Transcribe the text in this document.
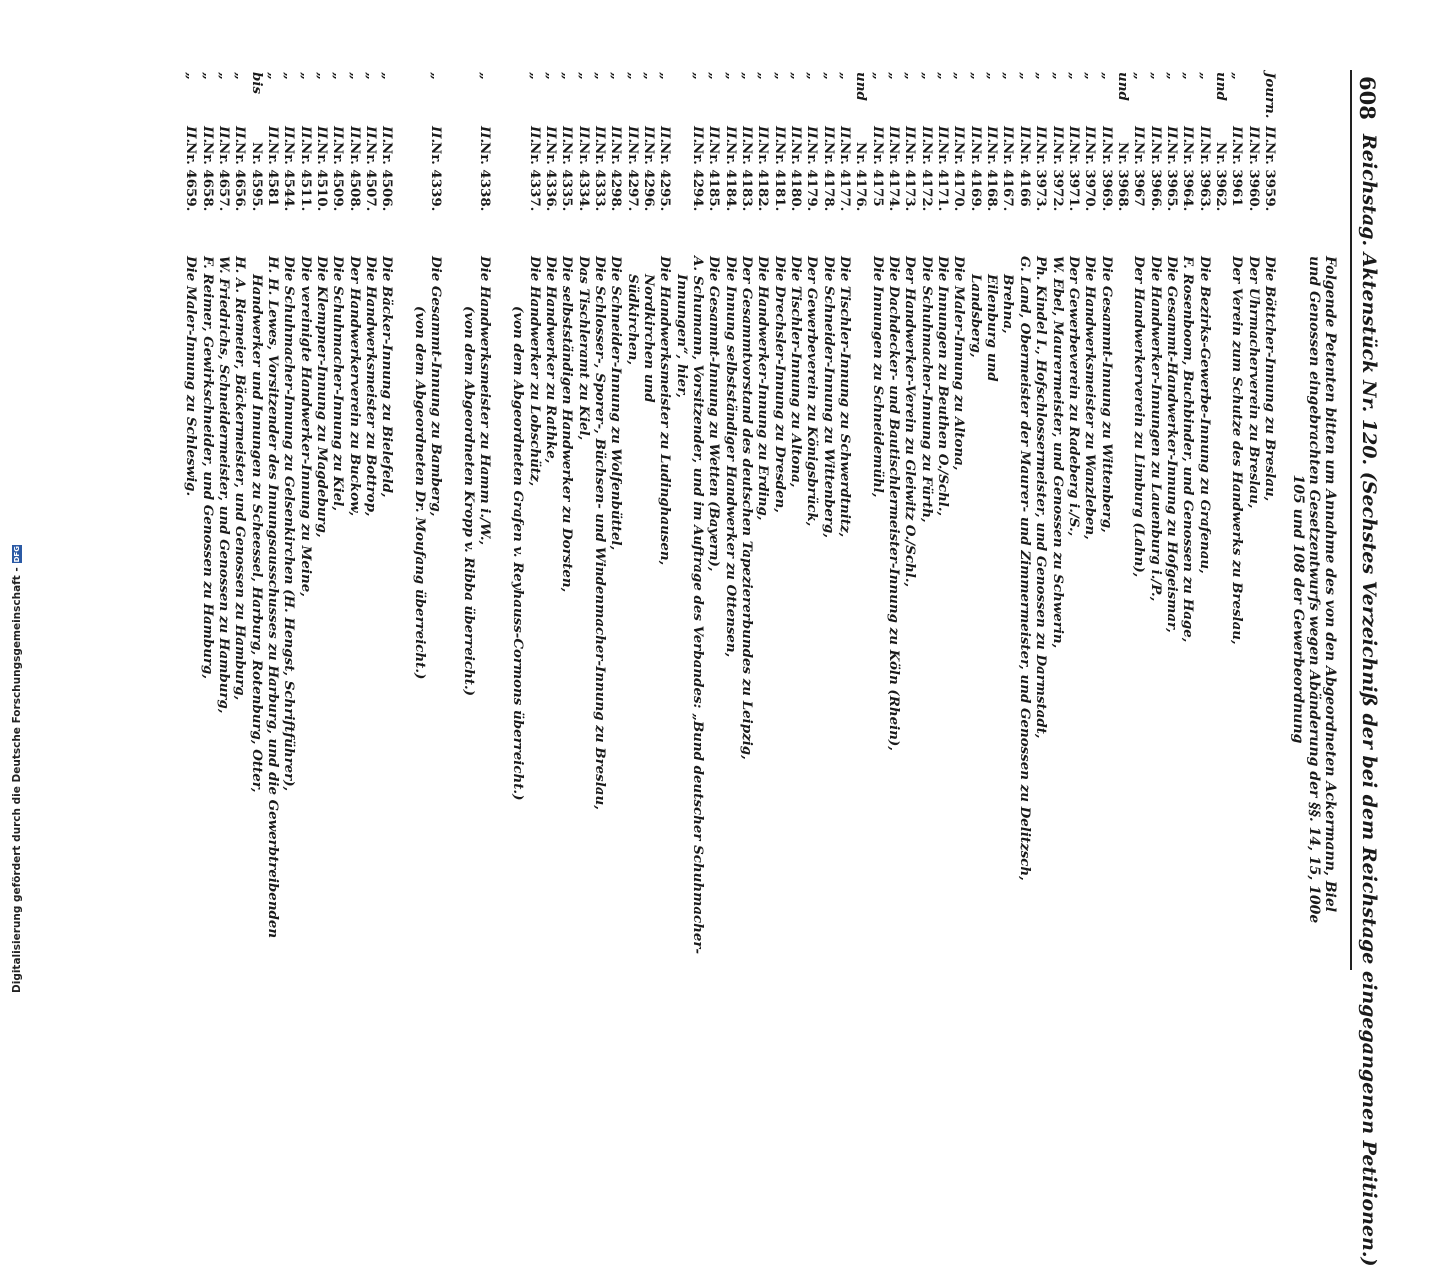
608
Reichstag. Aktenstück Nr. 120. (Sechstes Verzeichniß der bei dem Reichstage eingegangenen Petitionen.)
Folgende Petenten bitten um Annahme des von den Abgeordneten Ackermann, Biel
und Genossen eingebrachten Gesetzentwurfs wegen Abänderung der §§. 14, 15, 100e
105 und 108 der Gewerbeordnung
Journ.
II.
Nr. 3959.
Die Böttcher-Innung zu Breslau,
II.
Nr. 3960.
Der Uhrmacherverein zu Breslau,
„
II.
Nr. 3961
Der Verein zum Schutze des Handwerks zu Breslau,
und
Nr. 3962.
„
II.
Nr. 3963.
Die Bezirks-Gewerbe-Innung zu Grafenau,
„
II.
Nr. 3964.
F. Rosenboom, Buchbinder, und Genossen zu Hage,
„
II.
Nr. 3965.
Die Gesammt-Handwerker-Innung zu Hofgeismar,
„
II.
Nr. 3966.
Die Handwerker-Innungen zu Lauenburg i./P.,
„
II.
Nr. 3967
Der Handwerkerverein zu Limburg (Lahn),
und
Nr. 3968.
„
II.
Nr. 3969.
Die Gesammt-Innung zu Wittenberg,
„
II.
Nr. 3970.
Die Handwerksmeister zu Wanzleben,
„
II.
Nr. 3971.
Der Gewerbeverein zu Radeberg i./S.,
„
II.
Nr. 3972.
W. Ebel, Maurermeister, und Genossen zu Schwerin,
„
II.
Nr. 3973.
Ph. Kindel I., Hofschlossermeister, und Genossen zu Darmstadt,
„
II.
Nr. 4166
G. Land, Obermeister der Maurer- und Zimmermeister, und Genossen zu Delitzsch,
„
II.
Nr. 4167.
Brehna,
„
II.
Nr. 4168.
Eilenburg und
„
II.
Nr. 4169.
Landsberg,
„
II.
Nr. 4170.
Die Maler-Innung zu Altona,
„
II.
Nr. 4171.
Die Innungen zu Beuthen O./Schl.,
„
II.
Nr. 4172.
Die Schuhmacher-Innung zu Fürth,
„
II.
Nr. 4173.
Der Handwerker-Verein zu Gleiwitz O./Schl.,
„
II.
Nr. 4174.
Die Dachdecker- und Bautischlermeister-Innung zu Köln (Rhein),
„
II.
Nr. 4175
Die Innungen zu Schneidemühl,
und
Nr. 4176.
„
II.
Nr. 4177.
Die Tischler-Innung zu Schwerdtnitz,
„
II.
Nr. 4178.
Die Schneider-Innung zu Wittenberg,
„
II.
Nr. 4179.
Der Gewerbeverein zu Königsbrück,
„
II.
Nr. 4180.
Die Tischler-Innung zu Altona,
„
II.
Nr. 4181.
Die Drechsler-Innung zu Dresden,
„
II.
Nr. 4182.
Die Handwerker-Innung zu Erding,
„
II.
Nr. 4183.
Der Gesammtvorstand des deutschen Tapeziererbundes zu Leipzig,
„
II.
Nr. 4184.
Die Innung selbstständiger Handwerker zu Ottensen,
„
II.
Nr. 4185.
Die Gesammt-Innung zu Wetten (Bayern),
„
II.
Nr. 4294.
A. Schumann, Vorsitzender, und im Auftrage des Verbandes: „Bund deutscher Schuhmacher-
Innungen“, hier,
„
II.
Nr. 4295.
Die Handwerksmeister zu Ludinghausen,
„
II.
Nr. 4296.
Nordkirchen und
„
II.
Nr. 4297.
Südkirchen,
„
II.
Nr. 4298.
Die Schneider-Innung zu Wolfenbüttel,
„
II.
Nr. 4333.
Die Schlosser-, Sporer-, Büchsen- und Windenmacher-Innung zu Breslau,
„
II.
Nr. 4334.
Das Tischleramt zu Kiel,
„
II.
Nr. 4335.
Die selbstständigen Handwerker zu Dorsten,
„
II.
Nr. 4336.
Die Handwerker zu Rathke,
„
II.
Nr. 4337.
Die Handwerker zu Lobschütz,
(von dem Abgeordneten Grafen v. Reyhauss-Cormons überreicht.)
„
II.
Nr. 4338.
Die Handwerksmeister zu Hamm i./W.,
(von dem Abgeordneten Kropp v. Ribba überreicht.)
„
II.
Nr. 4339.
Die Gesammt-Innung zu Bamberg,
(von dem Abgeordneten Dr. Moufang überreicht.)
„
II.
Nr. 4506.
Die Bäcker-Innung zu Bielefeld,
„
II.
Nr. 4507.
Die Handwerksmeister zu Bottrop,
„
II.
Nr. 4508.
Der Handwerkerverein zu Buckow,
„
II.
Nr. 4509.
Die Schuhmacher-Innung zu Kiel,
„
II.
Nr. 4510.
Die Klempner-Innung zu Magdeburg,
„
II.
Nr. 4511.
Die vereinigte Handwerker-Innung zu Meine,
„
II.
Nr. 4544.
Die Schuhmacher-Innung zu Gelsenkirchen (H. Hengst, Schriftführer),
„
II.
Nr. 4581
H. H. Lewes, Vorsitzender des Innungsausschusses zu Harburg, und die Gewerbtreibenden
bis
Nr. 4595.
Handwerker und Innungen zu Scheessel, Harburg, Rotenburg, Otter,
„
II.
Nr. 4656.
H. A. Riemeier, Bäckermeister, und Genossen zu Hamburg,
„
II.
Nr. 4657.
W. Friedrichs, Schneidermeister, und Genossen zu Hamburg,
„
II.
Nr. 4658.
F. Reimer, Gewirkschneider, und Genossen zu Hamburg,
„
II.
Nr. 4659.
Die Maler-Innung zu Schleswig.
Digitalisierung gefördert durch die Deutsche Forschungsgemeinschaft -DFG
